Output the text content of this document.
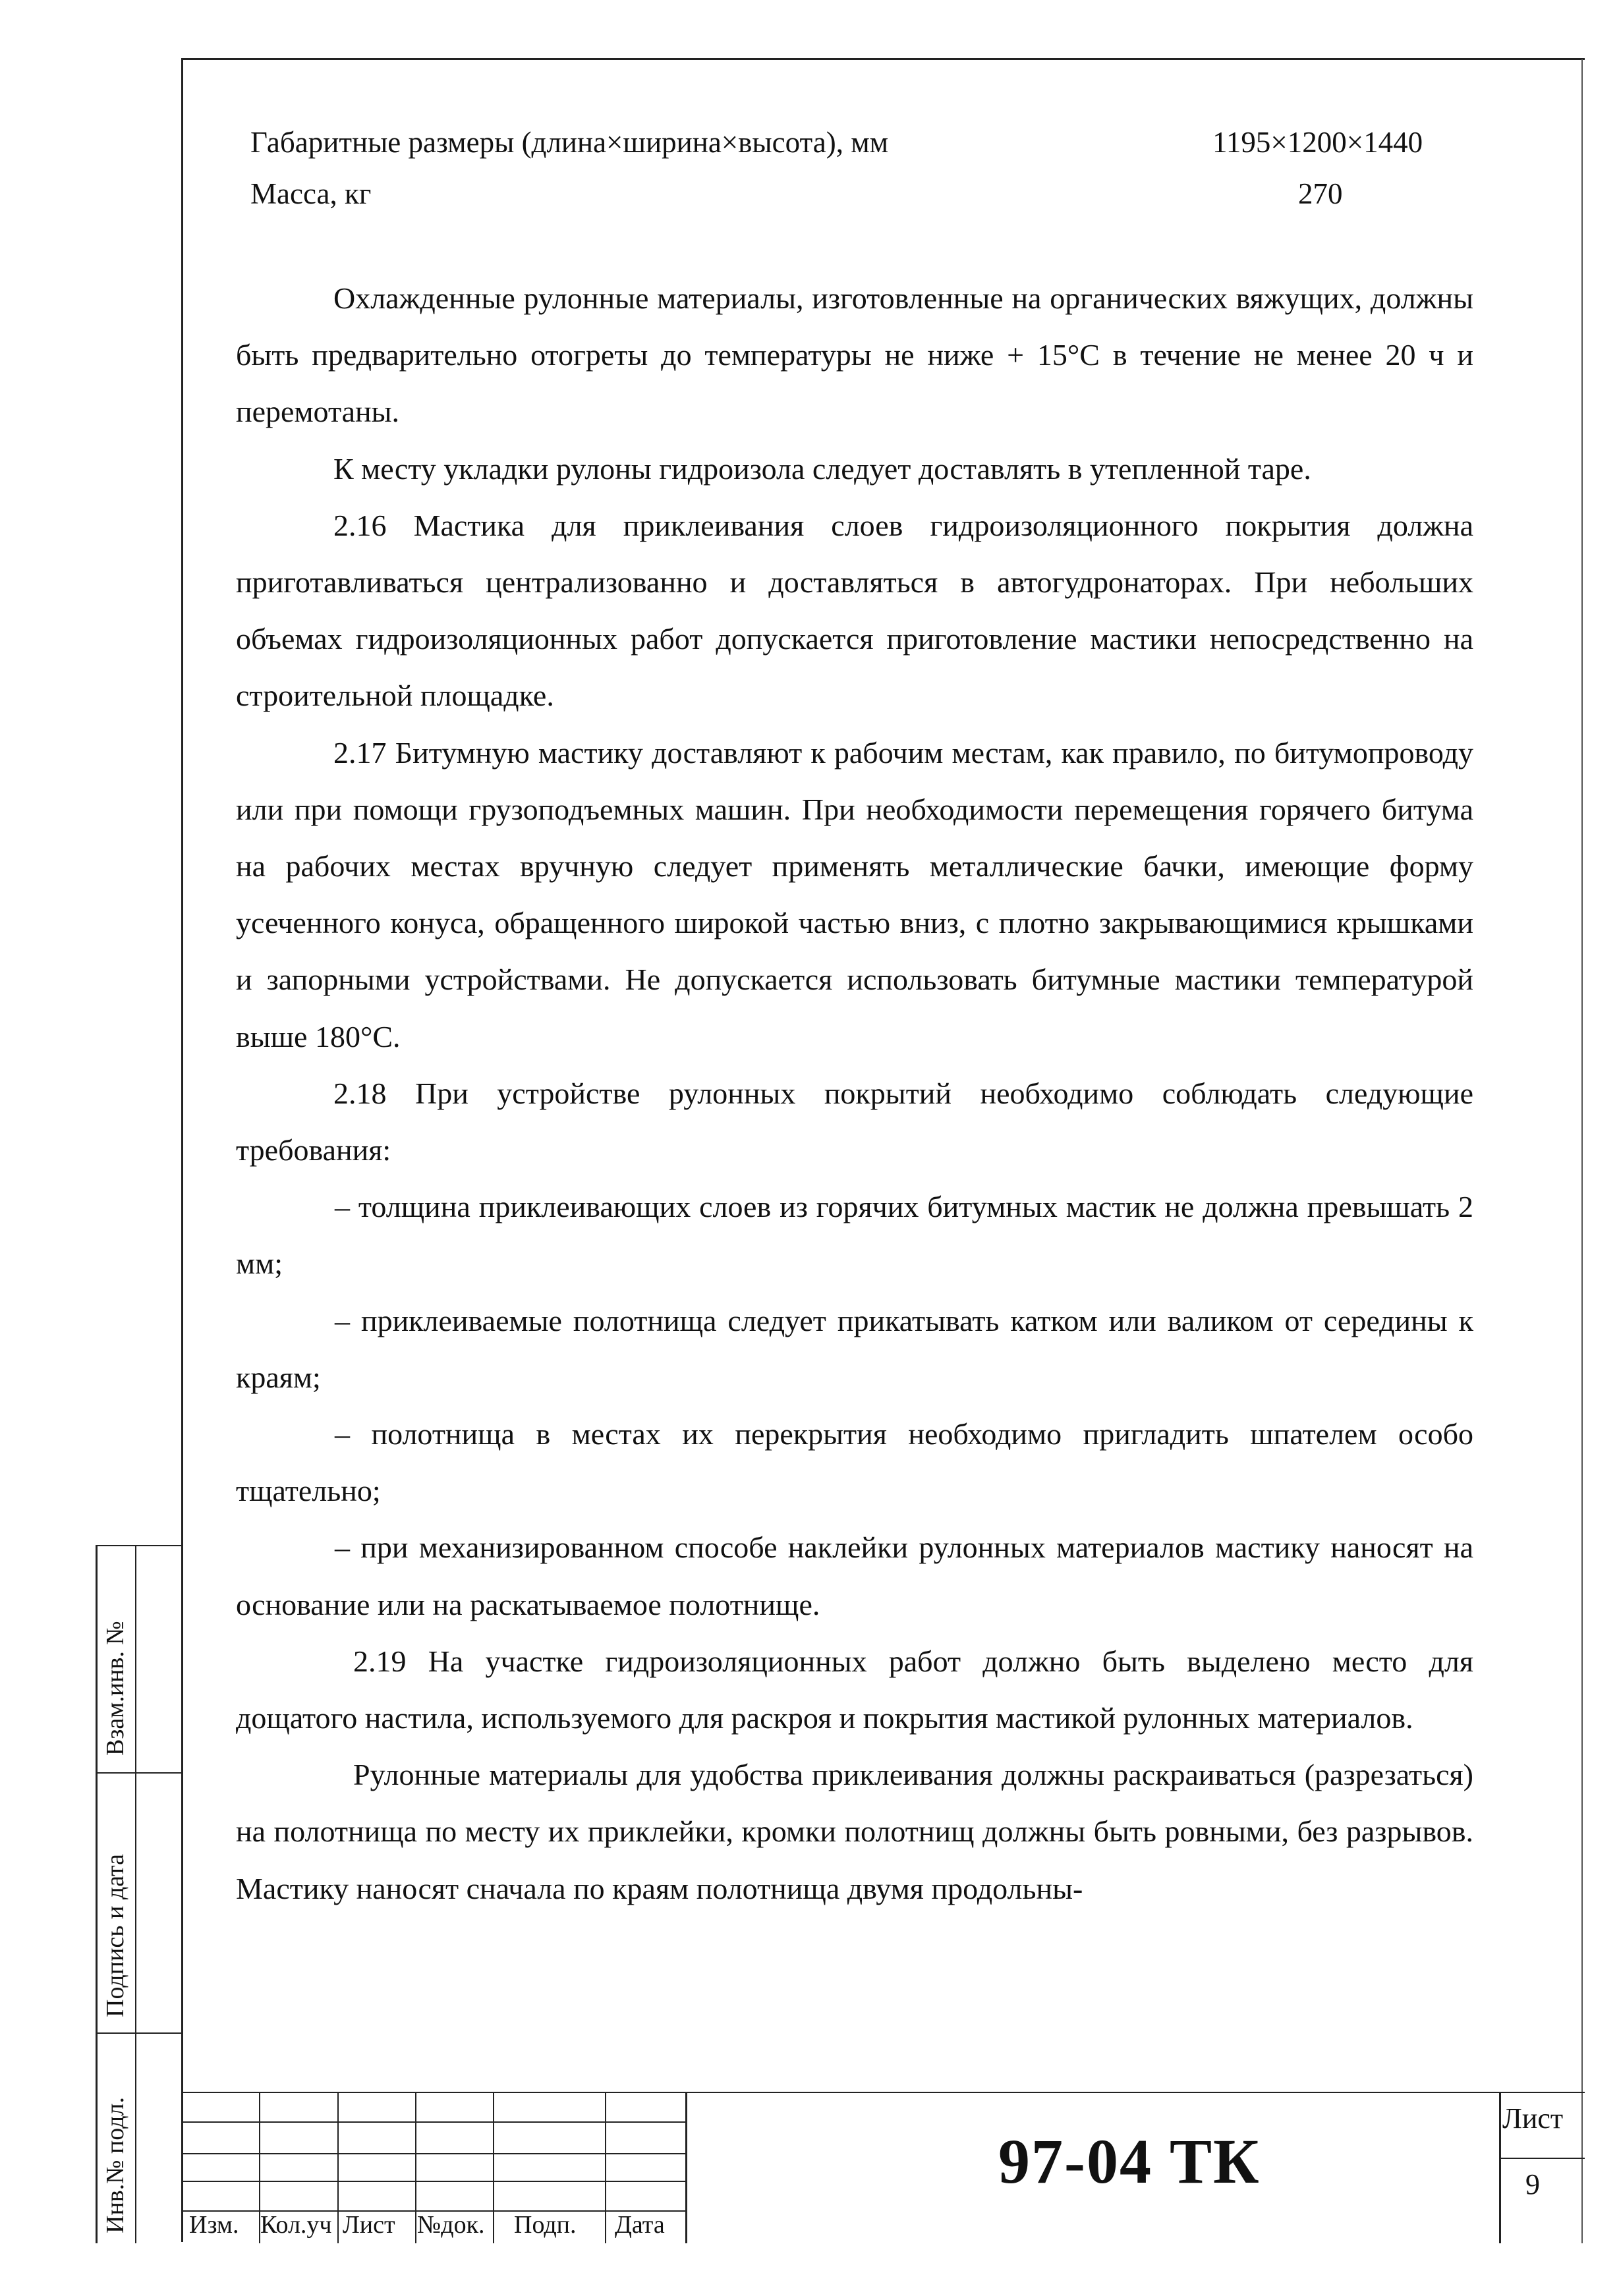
Габаритные размеры (длина×ширина×высота), мм	1195×1200×1440
Масса, кг	270

Охлажденные рулонные материалы, изготовленные на органических вяжущих, должны быть предварительно отогреты до температуры не ниже + 15°С в течение не менее 20 ч и перемотаны.

К месту укладки рулоны гидроизола следует доставлять в утепленной таре.

2.16 Мастика для приклеивания слоев гидроизоляционного покрытия должна приготавливаться централизованно и доставляться в автогудронаторах. При небольших объемах гидроизоляционных работ допускается приготовление мастики непосредственно на строительной площадке.

2.17 Битумную мастику доставляют к рабочим местам, как правило, по битумопроводу или при помощи грузоподъемных машин. При необходимости перемещения горячего битума на рабочих местах вручную следует применять металлические бачки, имеющие форму усеченного конуса, обращенного широкой частью вниз, с плотно закрывающимися крышками и запорными устройствами. Не допускается использовать битумные мастики температурой выше 180°С.

2.18 При устройстве рулонных покрытий необходимо соблюдать следующие требования:

– толщина приклеивающих слоев из горячих битумных мастик не должна превышать 2 мм;

– приклеиваемые полотнища следует прикатывать катком или валиком от середины к краям;

– полотнища в местах их перекрытия необходимо пригладить шпателем особо тщательно;

– при механизированном способе наклейки рулонных материалов мастику наносят на основание или на раскатываемое полотнище.

2.19 На участке гидроизоляционных работ должно быть выделено место для дощатого настила, используемого для раскроя и покрытия мастикой рулонных материалов.

Рулонные материалы для удобства приклеивания должны раскраиваться (разрезаться) на полотнища по месту их приклейки, кромки полотнищ должны быть ровными, без разрывов. Мастику наносят сначала по краям полотнища двумя продольны-

Взам.инв. №
Подпись и дата
Инв.№ подл. Изм. Кол.уч Лист №док. Подп. Дата
97-04 ТК
Лист
9
